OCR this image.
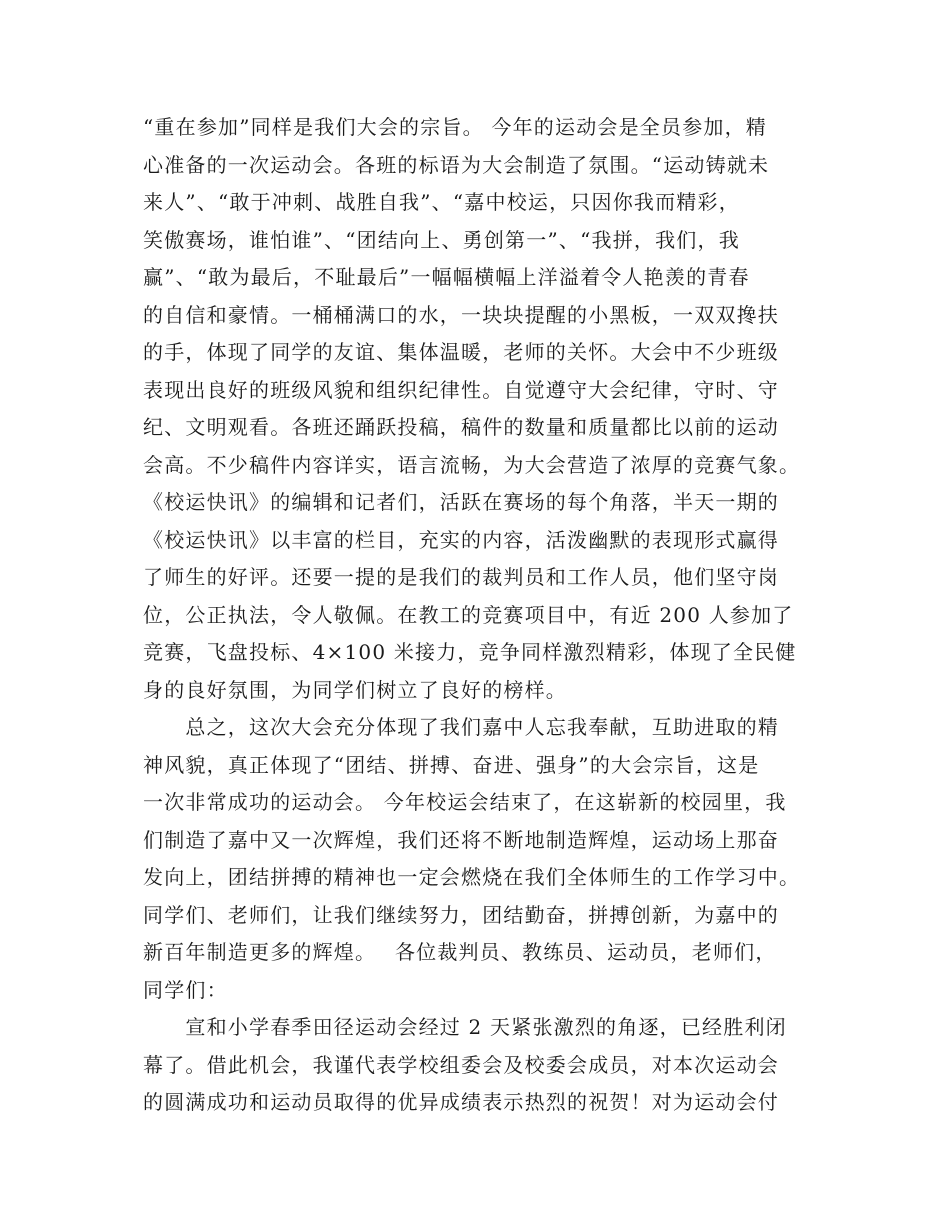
“重在参加”同样是我们大会的宗旨。 今年的运动会是全员参加，精
心准备的一次运动会。各班的标语为大会制造了氛围。“运动铸就未
来人”、“敢于冲刺、战胜自我”、“嘉中校运，只因你我而精彩，
笑傲赛场，谁怕谁”、“团结向上、勇创第一”、“我拼，我们，我
赢”、“敢为最后，不耻最后”一幅幅横幅上洋溢着令人艳羡的青春
的自信和豪情。一桶桶满口的水，一块块提醒的小黑板，一双双搀扶
的手，体现了同学的友谊、集体温暖，老师的关怀。大会中不少班级
表现出良好的班级风貌和组织纪律性。自觉遵守大会纪律，守时、守
纪、文明观看。各班还踊跃投稿，稿件的数量和质量都比以前的运动
会高。不少稿件内容详实，语言流畅，为大会营造了浓厚的竞赛气象。
《校运快讯》的编辑和记者们，活跃在赛场的每个角落，半天一期的
《校运快讯》以丰富的栏目，充实的内容，活泼幽默的表现形式赢得
了师生的好评。还要一提的是我们的裁判员和工作人员，他们坚守岗
位，公正执法，令人敬佩。在教工的竞赛项目中，有近 200 人参加了
竞赛，飞盘投标、4×100 米接力，竞争同样激烈精彩，体现了全民健
身的良好氛围，为同学们树立了良好的榜样。
　　总之，这次大会充分体现了我们嘉中人忘我奉献，互助进取的精
神风貌，真正体现了“团结、拼搏、奋进、强身”的大会宗旨，这是
一次非常成功的运动会。 今年校运会结束了，在这崭新的校园里，我
们制造了嘉中又一次辉煌，我们还将不断地制造辉煌，运动场上那奋
发向上，团结拼搏的精神也一定会燃烧在我们全体师生的工作学习中。
同学们、老师们，让我们继续努力，团结勤奋，拼搏创新，为嘉中的
新百年制造更多的辉煌。　 各位裁判员、教练员、运动员，老师们，
同学们：
　　宣和小学春季田径运动会经过 2 天紧张激烈的角逐，已经胜利闭
幕了。借此机会，我谨代表学校组委会及校委会成员，对本次运动会
的圆满成功和运动员取得的优异成绩表示热烈的祝贺！对为运动会付
